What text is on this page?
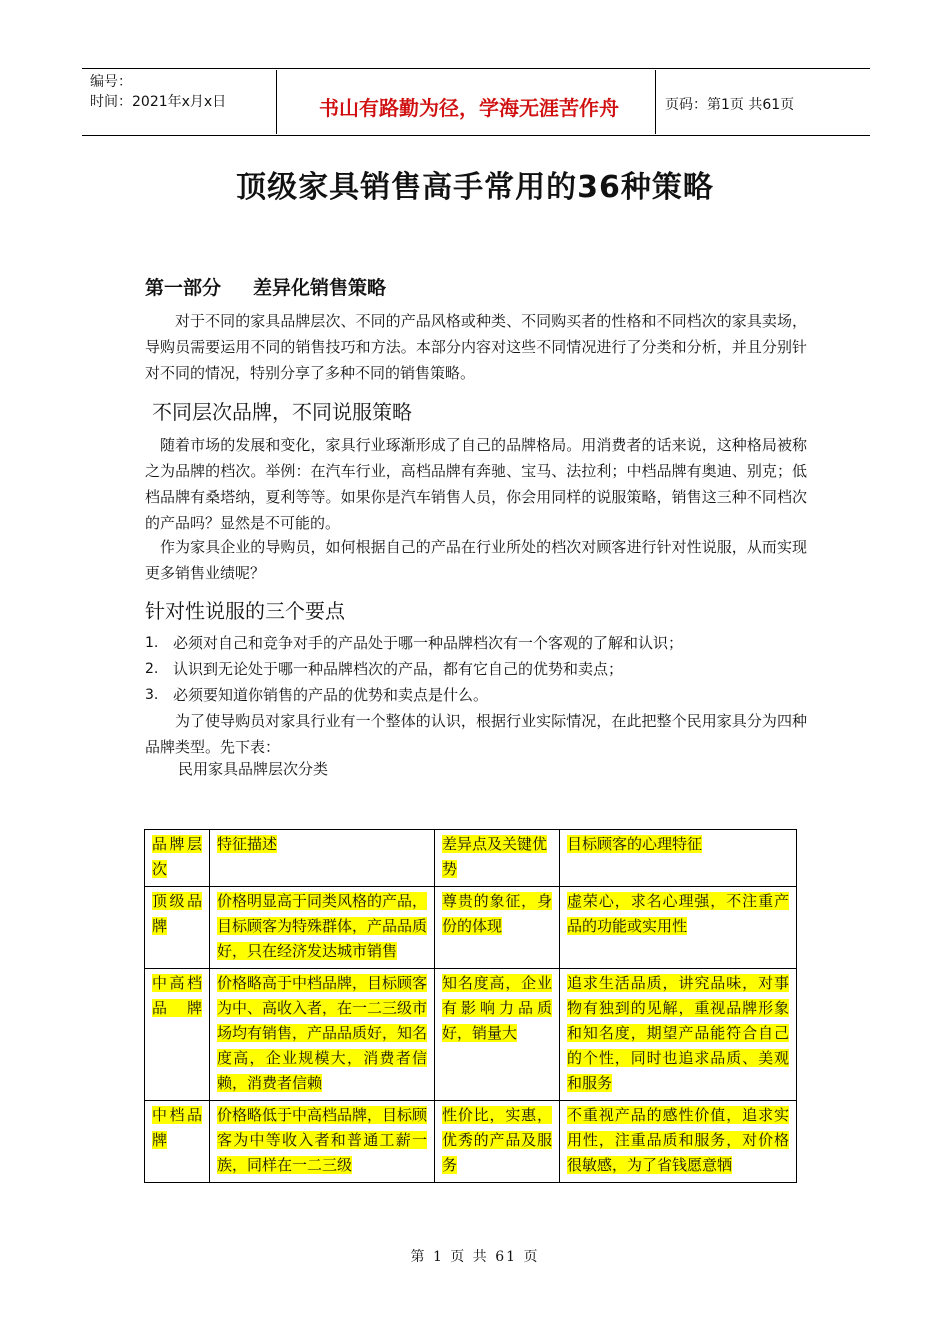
编号：
时间：2021年x月x日	书山有路勤为径，学海无涯苦作舟	页码：第1页 共61页
顶级家具销售高手常用的36种策略
第一部分 差异化销售策略

对于不同的家具品牌层次、不同的产品风格或种类、不同购买者的性格和不同档次的家具卖场，导购员需要运用不同的销售技巧和方法。本部分内容对这些不同情况进行了分类和分析，并且分别针对不同的情况，特别分享了多种不同的销售策略。

不同层次品牌，不同说服策略

随着市场的发展和变化，家具行业琢渐形成了自己的品牌格局。用消费者的话来说，这种格局被称之为品牌的档次。举例：在汽车行业，高档品牌有奔驰、宝马、法拉利；中档品牌有奥迪、别克；低档品牌有桑塔纳，夏利等等。如果你是汽车销售人员，你会用同样的说服策略，销售这三种不同档次的产品吗？显然是不可能的。

作为家具企业的导购员，如何根据自己的产品在行业所处的档次对顾客进行针对性说服，从而实现更多销售业绩呢？

针对性说服的三个要点
1. 必须对自己和竞争对手的产品处于哪一种品牌档次有一个客观的了解和认识；
2. 认识到无论处于哪一种品牌档次的产品，都有它自己的优势和卖点；
3. 必须要知道你销售的产品的优势和卖点是什么。

为了使导购员对家具行业有一个整体的认识，根据行业实际情况，在此把整个民用家具分为四种品牌类型。先下表：

民用家具品牌层次分类
品牌层次	特征描述	差异点及关键优势	目标顾客的心理特征
顶级品牌	价格明显高于同类风格的产品，目标顾客为特殊群体，产品品质好，只在经济发达城市销售	尊贵的象征，身份的体现	虚荣心，求名心理强，不注重产品的功能或实用性
中高档品牌	价格略高于中档品牌，目标顾客为中、高收入者，在一二三级市场均有销售，产品品质好，知名度高，企业规模大，消费者信赖，消费者信赖	知名度高，企业有影响力品质好，销量大	追求生活品质，讲究品味，对事物有独到的见解，重视品牌形象和知名度，期望产品能符合自己的个性，同时也追求品质、美观和服务
中档品牌	价格略低于中高档品牌，目标顾客为中等收入者和普通工薪一族，同样在一二三级	性价比，实惠，优秀的产品及服务	不重视产品的感性价值，追求实用性，注重品质和服务，对价格很敏感，为了省钱愿意牺
第 1 页 共 61 页
